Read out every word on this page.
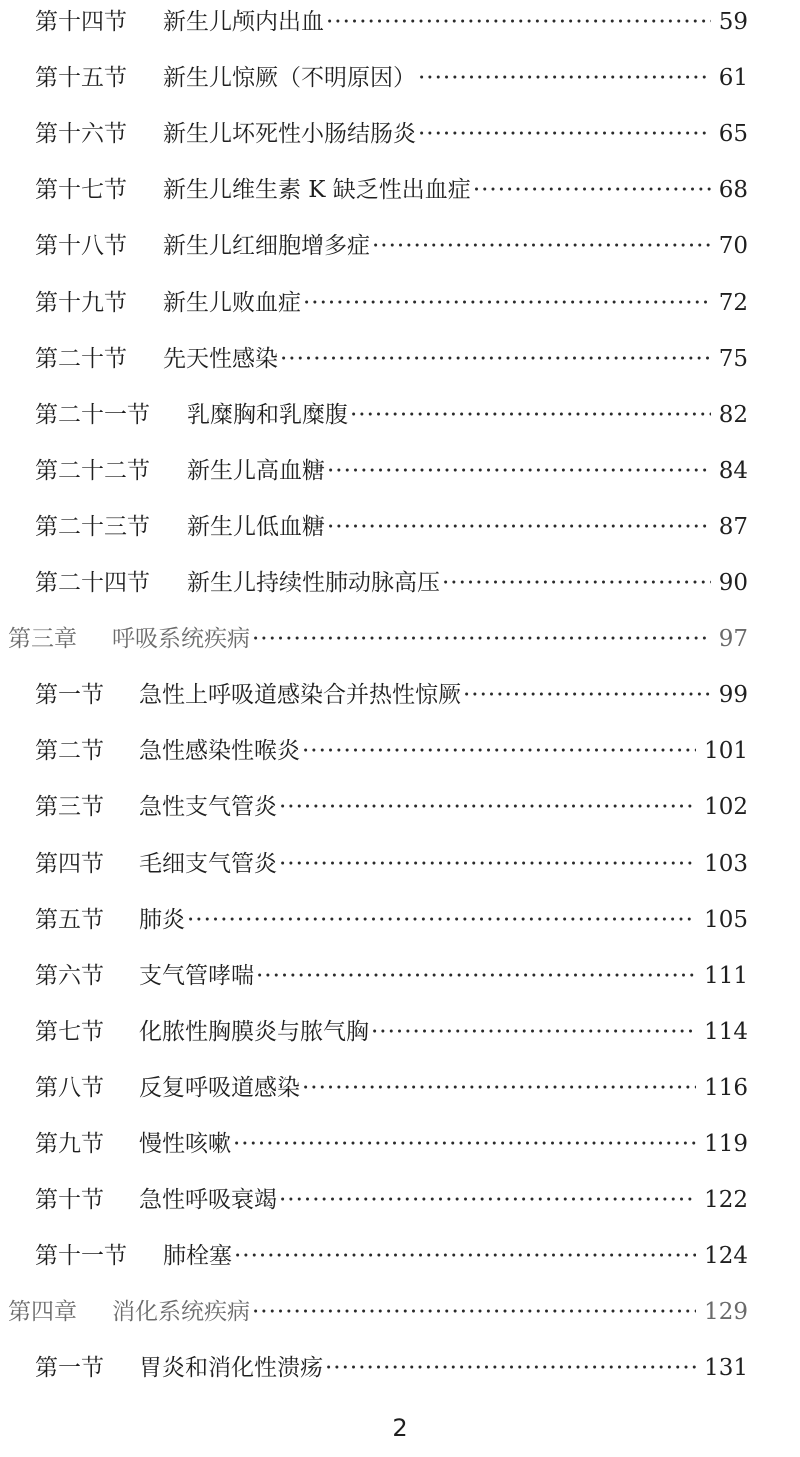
第十四节 新生儿颅内出血	59
·····
第十五节 新生儿惊厥（不明原因）	61
·····
第十六节 新生儿坏死性小肠结肠炎	65
·····
第十七节 新生儿维生素 K 缺乏性出血症	68
·····
第十八节 新生儿红细胞增多症	70
·····
第十九节 新生儿败血症	72
·····
第二十节 先天性感染	75
·····
第二十一节 乳糜胸和乳糜腹	82
·····
第二十二节 新生儿高血糖	84
·····
第二十三节 新生儿低血糖	87
·····
第二十四节 新生儿持续性肺动脉高压	90
·····
第三章 呼吸系统疾病	97
·····
第一节 急性上呼吸道感染合并热性惊厥	99
·····
第二节 急性感染性喉炎	101
·····
第三节 急性支气管炎	102
·····
第四节 毛细支气管炎	103
·····
第五节 肺炎	105
·····
第六节 支气管哮喘	111
·····
第七节 化脓性胸膜炎与脓气胸	114
·····
第八节 反复呼吸道感染	116
·····
第九节 慢性咳嗽	119
·····
第十节 急性呼吸衰竭	122
·····
第十一节 肺栓塞	124
·····
第四章 消化系统疾病	129
·····
第一节 胃炎和消化性溃疡	131
·····
2
